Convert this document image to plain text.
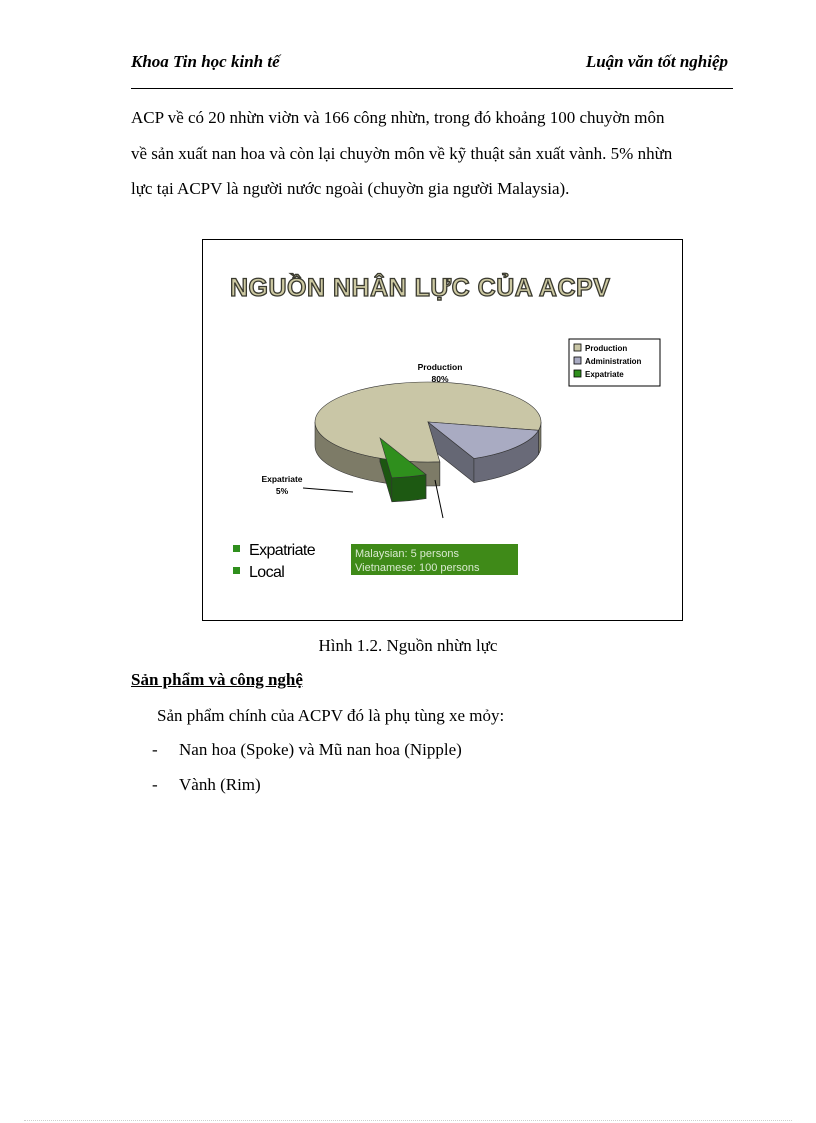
Khoa Tin học kinh tế	Luận văn tốt nghiệp
ACP về có 20 nhừn viờn và 166 công nhừn, trong đó khoảng 100 chuyờn môn
về sản xuất nan hoa và còn lại chuyờn môn về kỹ thuật sản xuất vành. 5% nhừn
lực tại ACPV là người nước ngoài (chuyờn gia người Malaysia).
NGUỒN NHÂN LỰC CỦA ACPV
Production
Administration
Expatriate
Production
80%
Expatriate
5%
Expatriate
Local
Malaysian: 5 persons
Vietnamese: 100 persons
Hình 1.2. Nguồn nhừn lực
Sản phẩm và công nghệ
Sản phẩm chính của ACPV đó là phụ tùng xe mỏy:
- Nan hoa (Spoke) và Mũ nan hoa (Nipple)
- Vành (Rim)
